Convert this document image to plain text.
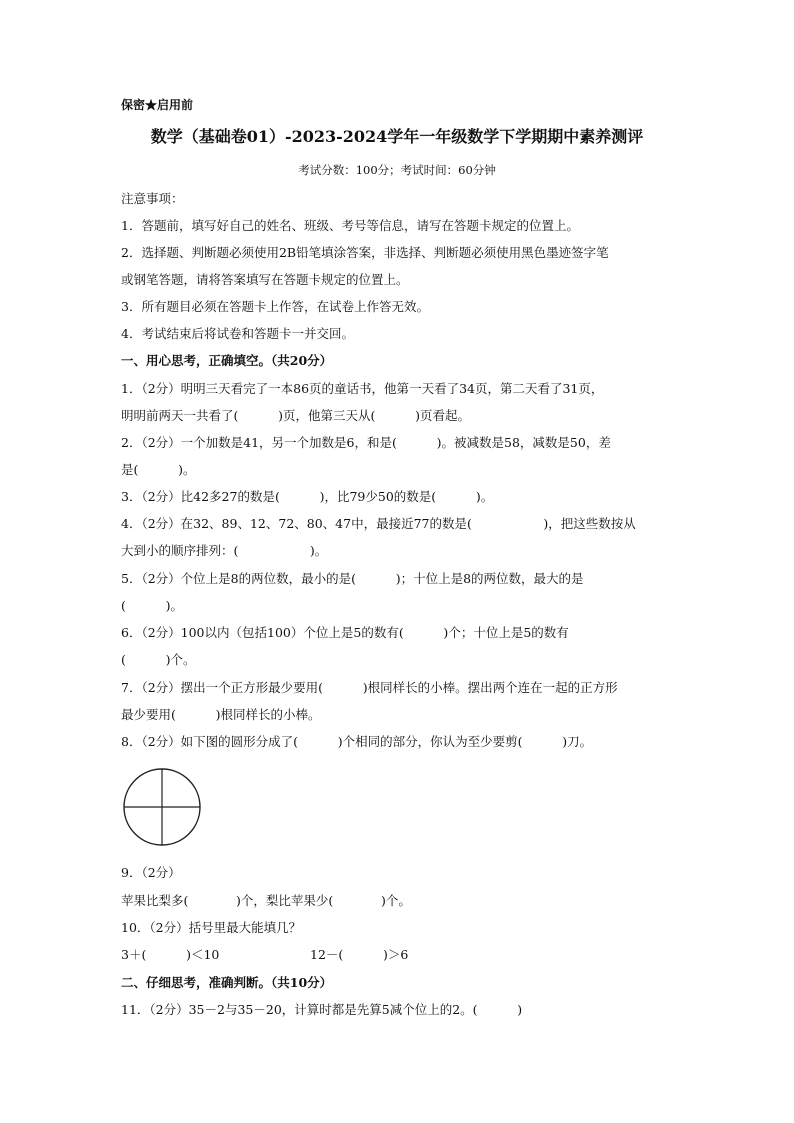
保密★启用前
数学（基础卷01）-2023-2024学年一年级数学下学期期中素养测评
考试分数：100分；考试时间：60分钟
注意事项：
1．答题前，填写好自己的姓名、班级、考号等信息，请写在答题卡规定的位置上。
2．选择题、判断题必须使用2B铅笔填涂答案，非选择、判断题必须使用黑色墨迹签字笔
或钢笔答题，请将答案填写在答题卡规定的位置上。
3．所有题目必须在答题卡上作答，在试卷上作答无效。
4．考试结束后将试卷和答题卡一并交回。
一、用心思考，正确填空。（共20分）
1．（2分）明明三天看完了一本86页的童话书，他第一天看了34页，第二天看了31页，
明明前两天一共看了(          )页，他第三天从(          )页看起。
2．（2分）一个加数是41，另一个加数是6，和是(          )。被减数是58，减数是50，差
是(          )。
3．（2分）比42多27的数是(          )，比79少50的数是(          )。
4．（2分）在32、89、12、72、80、47中，最接近77的数是(                  )，把这些数按从
大到小的顺序排列：(                  )。
5．（2分）个位上是8的两位数，最小的是(          )；十位上是8的两位数，最大的是
(          )。
6．（2分）100以内（包括100）个位上是5的数有(          )个；十位上是5的数有
(          )个。
7．（2分）摆出一个正方形最少要用(          )根同样长的小棒。摆出两个连在一起的正方形
最少要用(          )根同样长的小棒。
8．（2分）如下图的圆形分成了(          )个相同的部分，你认为至少要剪(          )刀。
9．（2分）
苹果比梨多(            )个，梨比苹果少(            )个。
10．（2分）括号里最大能填几？
3＋(          )＜10	12－(          )＞6
二、仔细思考，准确判断。（共10分）
11．（2分）35－2与35－20，计算时都是先算5减个位上的2。(          )
